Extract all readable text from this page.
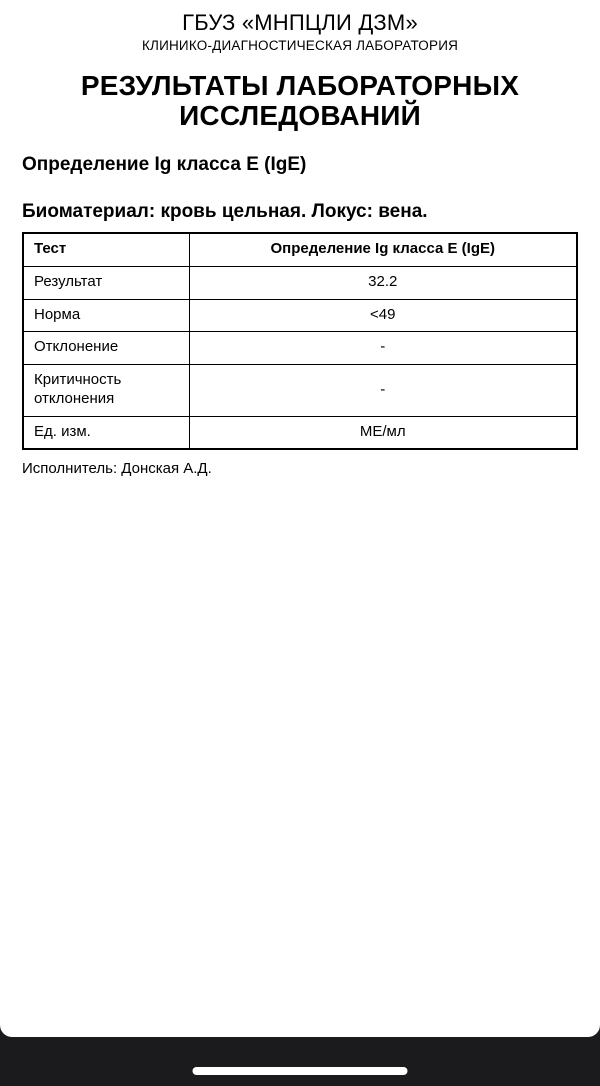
ГБУЗ «МНПЦЛИ ДЗМ»
КЛИНИКО-ДИАГНОСТИЧЕСКАЯ ЛАБОРАТОРИЯ
РЕЗУЛЬТАТЫ ЛАБОРАТОРНЫХ ИССЛЕДОВАНИЙ
Определение Ig класса E (IgE)
Биоматериал: кровь цельная. Локус: вена.
Тест	Определение Ig класса E (IgE)
Результат	32.2
Норма	<49
Отклонение	-
Критичность отклонения	-
Ед. изм.	МЕ/мл
Исполнитель: Донская А.Д.
